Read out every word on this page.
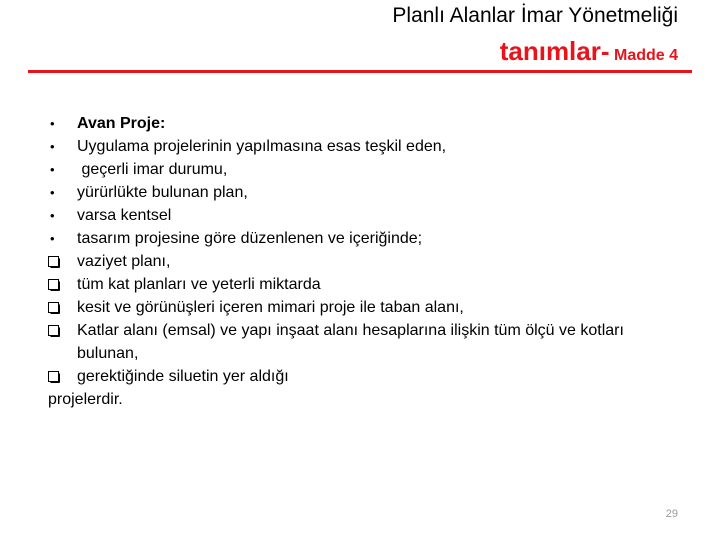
Planlı Alanlar İmar Yönetmeliği
tanımlar- Madde 4
• Avan Proje:
• Uygulama projelerinin yapılmasına esas teşkil eden,
• geçerli imar durumu,
• yürürlükte bulunan plan,
• varsa kentsel
• tasarım projesine göre düzenlenen ve içeriğinde;
vaziyet planı,
tüm kat planları ve yeterli miktarda
kesit ve görünüşleri içeren mimari proje ile taban alanı,
Katlar alanı (emsal) ve yapı inşaat alanı hesaplarına ilişkin tüm ölçü ve kotları bulunan,
gerektiğinde siluetin yer aldığı
projelerdir.
29
